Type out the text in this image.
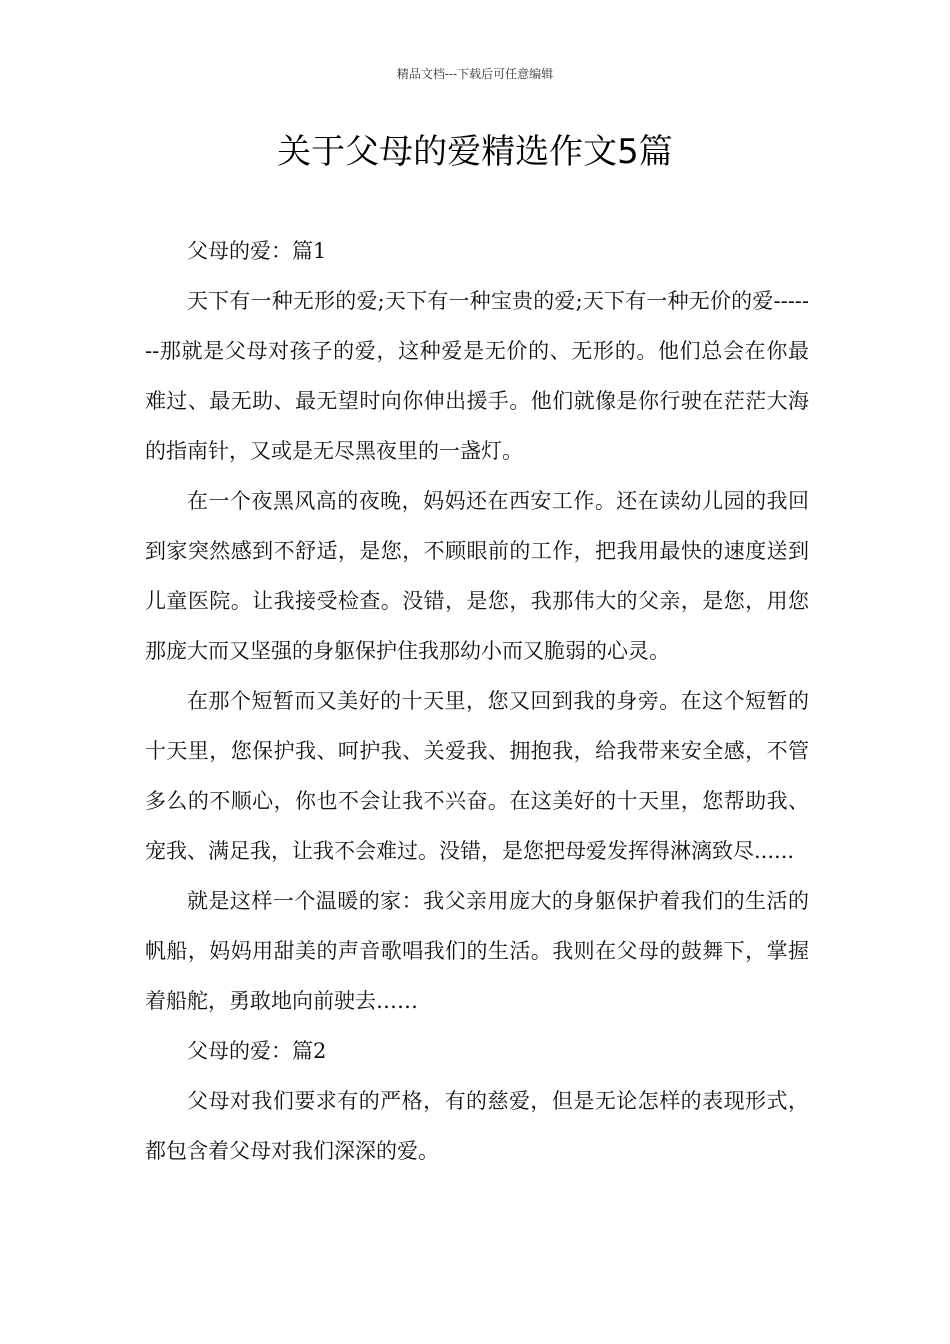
精品文档---下载后可任意编辑
关于父母的爱精选作文5篇

父母的爱：篇1

天下有一种无形的爱;天下有一种宝贵的爱;天下有一种无价的爱-------那就是父母对孩子的爱，这种爱是无价的、无形的。他们总会在你最难过、最无助、最无望时向你伸出援手。他们就像是你行驶在茫茫大海的指南针，又或是无尽黑夜里的一盏灯。

在一个夜黑风高的夜晚，妈妈还在西安工作。还在读幼儿园的我回到家突然感到不舒适，是您，不顾眼前的工作，把我用最快的速度送到儿童医院。让我接受检查。没错，是您，我那伟大的父亲，是您，用您那庞大而又坚强的身躯保护住我那幼小而又脆弱的心灵。

在那个短暂而又美好的十天里，您又回到我的身旁。在这个短暂的十天里，您保护我、呵护我、关爱我、拥抱我，给我带来安全感，不管多么的不顺心，你也不会让我不兴奋。在这美好的十天里，您帮助我、宠我、满足我，让我不会难过。没错，是您把母爱发挥得淋漓致尽......

就是这样一个温暖的家：我父亲用庞大的身躯保护着我们的生活的帆船，妈妈用甜美的声音歌唱我们的生活。我则在父母的鼓舞下，掌握着船舵，勇敢地向前驶去……

父母的爱：篇2

父母对我们要求有的严格，有的慈爱，但是无论怎样的表现形式，都包含着父母对我们深深的爱。
